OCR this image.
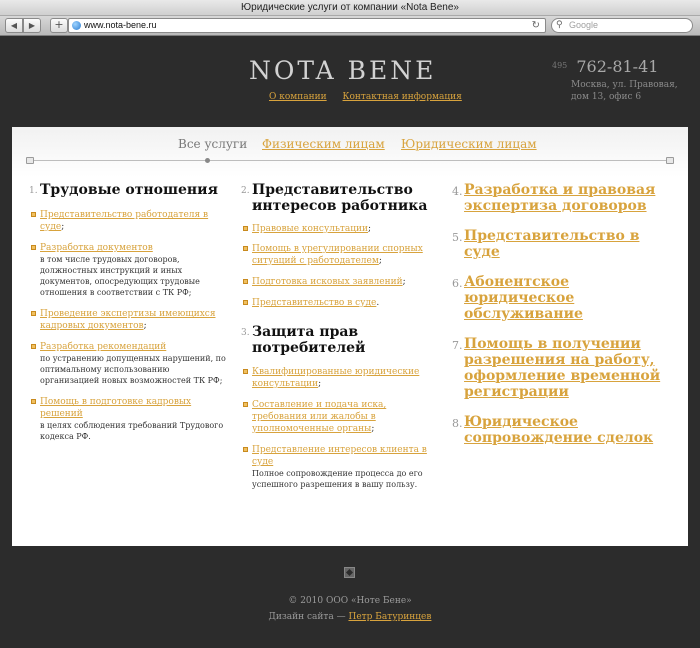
Юридические услуги от компании «Nota Bene»
◀	▶	+	www.nota-bene.ru	↻ ⚲
Google
NOTA BENE
О компании Контактная информация
$^{495}$ 762-81-41
Москва, ул. Правовая, дом 13, офис 6
Все услуги Физическим лицам Юридическим лицам
1. Трудовые отношения
Представительство работодателя в суде;
Разработка документов
в том числе трудовых договоров, должностных инструкций и иных документов, опосредующих трудовые отношения в соответствии с ТК РФ;
Проведение экспертизы имеющихся кадровых документов;
Разработка рекомендаций
по устранению допущенных нарушений, по оптимальному использованию организацией новых возможностей ТК РФ;
Помощь в подготовке кадровых решений
в целях соблюдения требований Трудового кодекса РФ.
2. Представительство интересов работника
Правовые консультации;
Помощь в урегулировании спорных ситуаций с работодателем;
Подготовка исковых заявлений;
Представительство в суде.
3. Защита прав потребителей
Квалифицированные юридические консультации;
Составление и подача иска, требования или жалобы в уполномоченные органы;
Представление интересов клиента в суде
Полное сопровождение процесса до его успешного разрешения в вашу пользу.
4. Разработка и правовая экспертиза договоров
5. Представительство в суде
6. Абонентское юридическое обслуживание
7. Помощь в получении разрешения на работу, оформление временной регистрации
8. Юридическое сопровождение сделок
© 2010 ООО «Ноте Бене»
Дизайн сайта — Петр Батуринцев
